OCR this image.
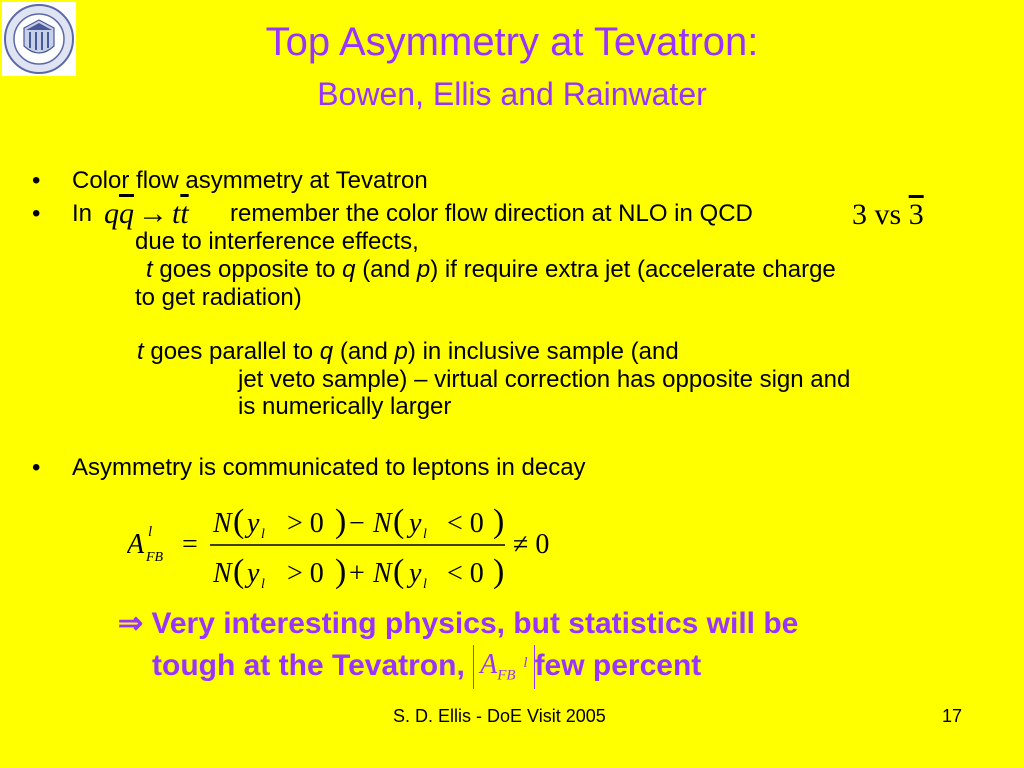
Top Asymmetry at Tevatron:
Bowen, Ellis and Rainwater
• Color flow asymmetry at Tevatron
• In $q\overline{q} \to t\overline{t}$ remember the color flow direction at NLO in QCD	3 vs 3
due to interference effects,
t goes opposite to q (and p) if require extra jet (accelerate charge
to get radiation)
t goes parallel to q (and p) in inclusive sample (and
jet veto sample) – virtual correction has opposite sign and
is numerically larger
• Asymmetry is communicated to leptons in decay
A l
FB =
N ( y l > 0 ) − N ( y l < 0 )
N ( y l > 0 ) + N ( y l < 0 )
≠ 0
⇒ Very interesting physics, but statistics will be
tough at the Tevatron, $A_{FB}$
l few percent
S. D. Ellis - DoE Visit 2005	17
